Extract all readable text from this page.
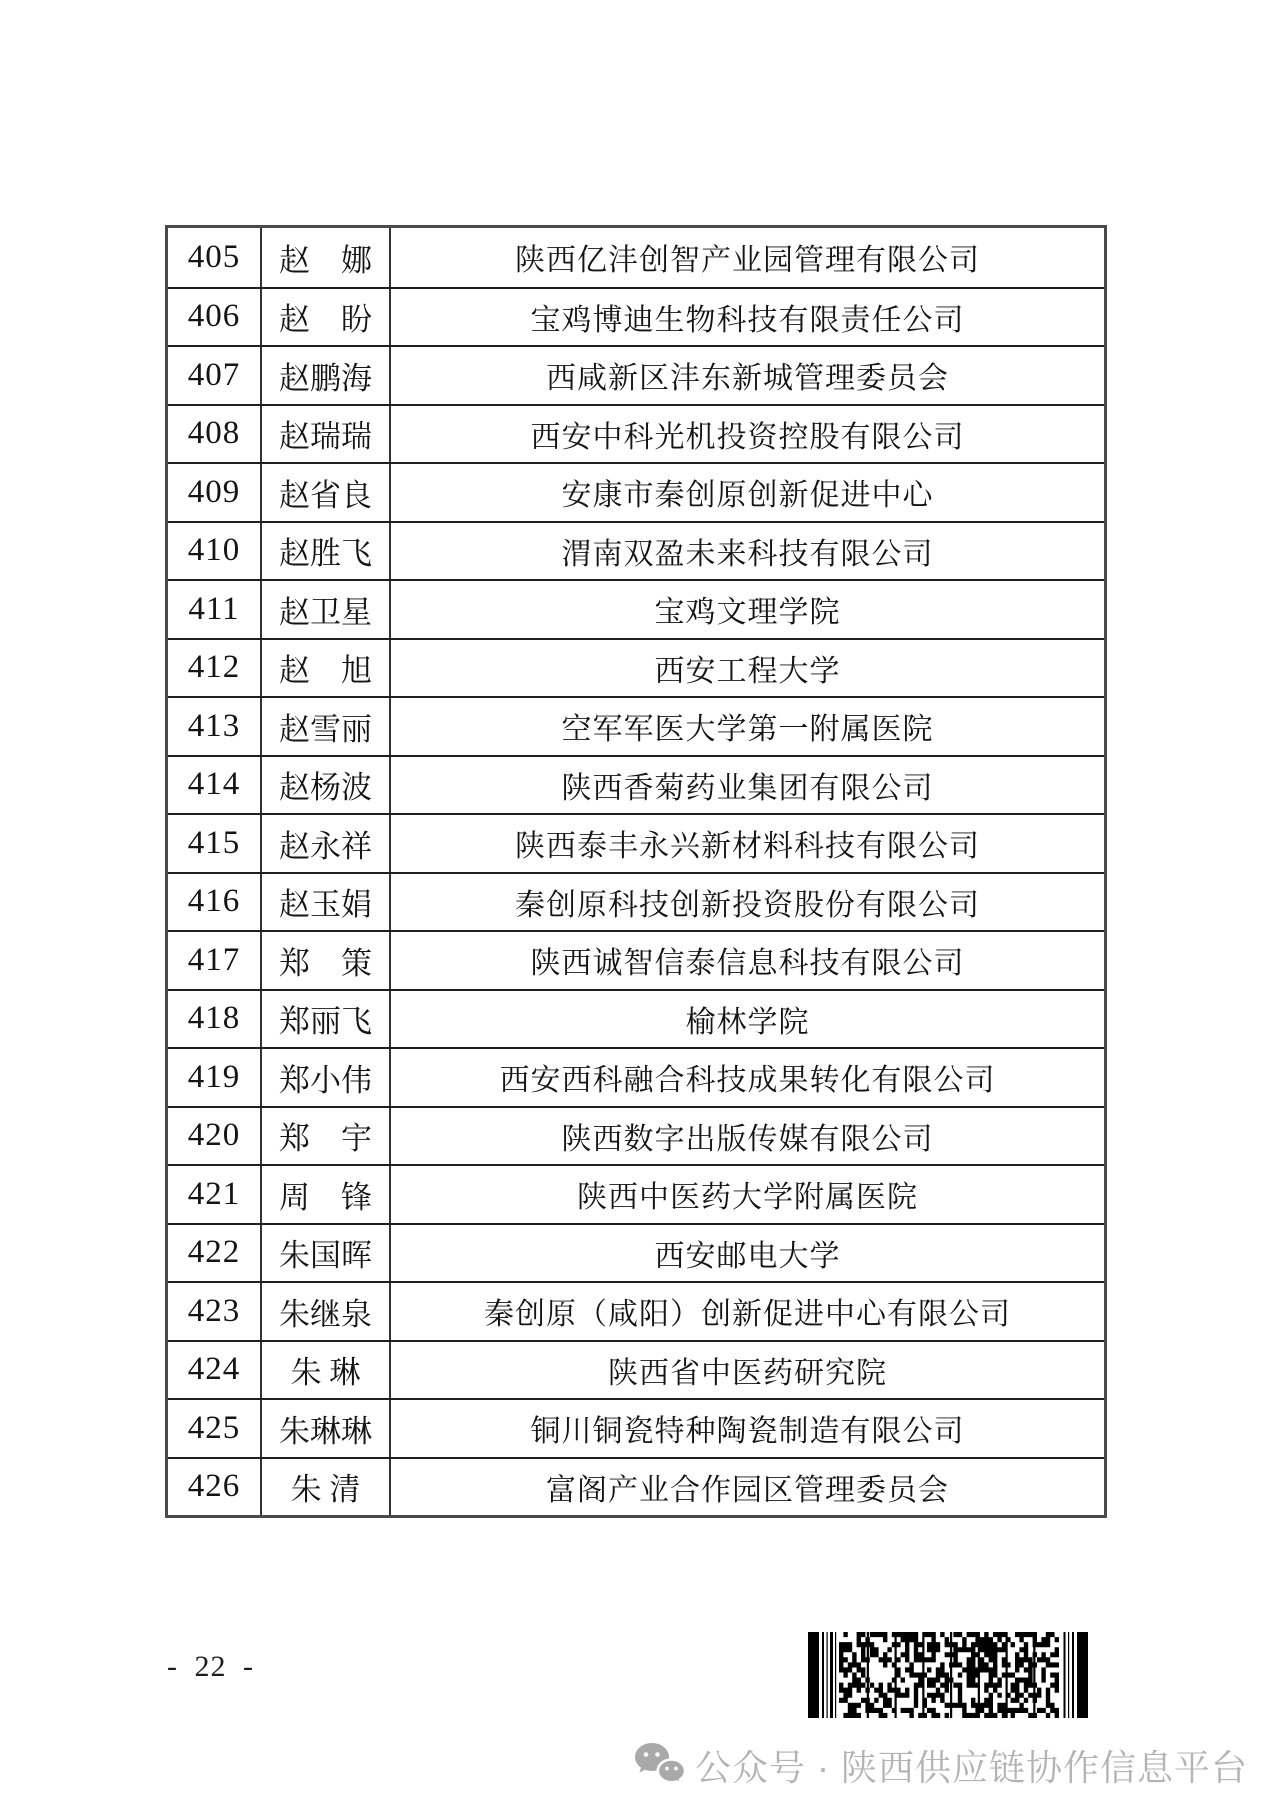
405	赵　娜	陕西亿沣创智产业园管理有限公司
406	赵　盼	宝鸡博迪生物科技有限责任公司
407	赵鹏海	西咸新区沣东新城管理委员会
408	赵瑞瑞	西安中科光机投资控股有限公司
409	赵省良	安康市秦创原创新促进中心
410	赵胜飞	渭南双盈未来科技有限公司
411	赵卫星	宝鸡文理学院
412	赵　旭	西安工程大学
413	赵雪丽	空军军医大学第一附属医院
414	赵杨波	陕西香菊药业集团有限公司
415	赵永祥	陕西泰丰永兴新材料科技有限公司
416	赵玉娟	秦创原科技创新投资股份有限公司
417	郑　策	陕西诚智信泰信息科技有限公司
418	郑丽飞	榆林学院
419	郑小伟	西安西科融合科技成果转化有限公司
420	郑　宇	陕西数字出版传媒有限公司
421	周　锋	陕西中医药大学附属医院
422	朱国晖	西安邮电大学
423	朱继泉	秦创原（咸阳）创新促进中心有限公司
424	朱 琳	陕西省中医药研究院
425	朱琳琳	铜川铜瓷特种陶瓷制造有限公司
426	朱 清	富阁产业合作园区管理委员会
- 22 -
公众号 · 陕西供应链协作信息平台
